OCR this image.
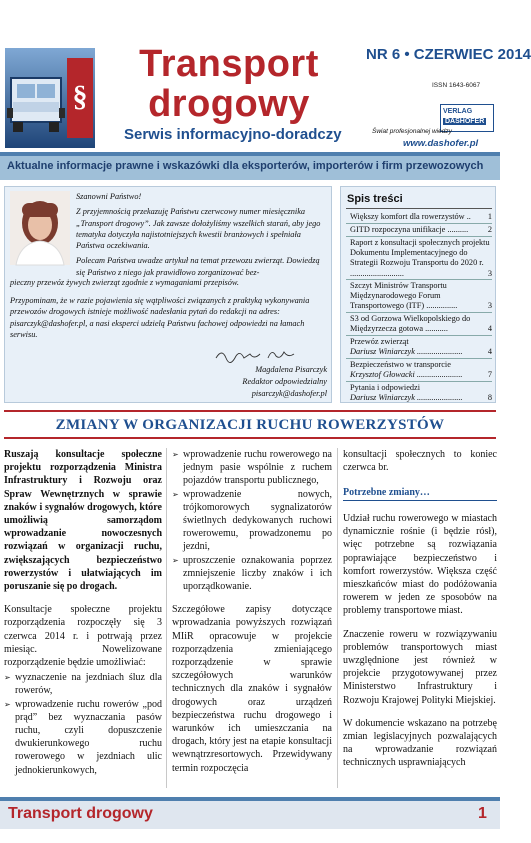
§
Transport
drogowy
Serwis informacyjno-doradczy
NR 6 • CZERWIEC 2014
ISSN 1643-6067
VERLAG
DASHOFER
Świat profesjonalnej wiedzy
www.dashofer.pl
Aktualne informacje prawne i wskazówki dla eksporterów, importerów i firm przewozowych

Szanowni Państwo!

Z przyjemnością przekazuję Państwu czerwcowy numer miesięcznika „Transport drogowy”. Jak zawsze dołożyliśmy wszelkich starań, aby jego tematyka dotyczyła najistotniejszych kwestii branżowych i spełniała Państwa oczekiwania.

Polecam Państwa uwadze artykuł na temat przewozu zwierząt. Dowiedzą się Państwo z niego jak prawidłowo zorganizować bez-

pieczny przewóz żywych zwierząt zgodnie z wymaganiami przepisów.
Przypominam, że w razie pojawienia się wątpliwości związanych z praktyką wykonywania przewozów drogowych istnieje możliwość nadesłania pytań do redakcji na adres: pisarczyk@dashofer.pl, a nasi eksperci udzielą Państwu fachowej odpowiedzi na łamach serwisu.
Magdalena Pisarczyk
Redaktor odpowiedzialny
pisarczyk@dashofer.pl
Spis treści
Większy komfort dla rowerzystów .. 1
GITD rozpoczyna unifikacje .......... 2
Raport z konsultacji społecznych projektu Dokumentu Implementacyjnego do Strategii Rozwoju Transportu do 2020 r. ..........................	3
Szczyt Ministrów Transportu Międzynarodowego Forum Transportowego (ITF) ...............	3
S3 od Gorzowa Wielkopolskiego do Międzyrzecza gotowa ...........	4
Przewóz zwierząt
Dariusz Winiarczyk ......................	4
Bezpieczeństwo w transporcie
Krzysztof Głowacki ......................	7
Pytania i odpowiedzi
Dariusz Winiarczyk ......................	8
ZMIANY W ORGANIZACJI RUCHU ROWERZYSTÓW

Ruszają konsultacje społeczne projektu rozporządzenia Ministra Infrastruktury i Rozwoju oraz Spraw Wewnętrznych w sprawie znaków i sygnałów drogowych, które umożliwią samorządom wprowadzanie nowoczesnych rozwiązań w organizacji ruchu, zwiększających bezpieczeństwo rowerzystów i ułatwiających im poruszanie się po drogach.

Konsultacje społeczne projektu rozporządzenia rozpoczęły się 3 czerwca 2014 r. i potrwają przez miesiąc. Nowelizowane rozporządzenie będzie umożliwiać:

➢ wyznaczenie na jezdniach śluz dla rowerów,
➢ wprowadzenie ruchu rowerów „pod prąd” bez wyznaczania pasów ruchu, czyli dopuszczenie dwukierunkowego ruchu rowerowego w jezdniach ulic jednokierunkowych,
➢ wprowadzenie ruchu rowerowego na jednym pasie wspólnie z ruchem pojazdów transportu publicznego,
➢ wprowadzenie nowych, trójkomorowych sygnalizatorów świetlnych dedykowanych ruchowi rowerowemu, prowadzonemu po jezdni,
➢ uproszczenie oznakowania poprzez zmniejszenie liczby znaków i ich uporządkowanie.

Szczegółowe zapisy dotyczące wprowadzania powyższych rozwiązań MIiR opracowuje w projekcie rozporządzenia zmieniającego rozporządzenie w sprawie szczegółowych warunków technicznych dla znaków i sygnałów drogowych oraz urządzeń bezpieczeństwa ruchu drogowego i warunków ich umieszczania na drogach, który jest na etapie konsultacji wewnątrzresortowych. Przewidywany termin rozpoczęcia

konsultacji społecznych to koniec czerwca br.

Potrzebne zmiany…

Udział ruchu rowerowego w miastach dynamicznie rośnie (i będzie rósł), więc potrzebne są rozwiązania poprawiające bezpieczeństwo i komfort rowerzystów. Większa część mieszkańców miast do podóżowania rowerem w jeden ze sposobów na problemy transportowe miast.

Znaczenie roweru w rozwiązywaniu problemów transportowych miast uwzględnione jest również w projekcie przygotowywanej przez Ministerstwo Infrastruktury i Rozwoju Krajowej Polityki Miejskiej.

W dokumencie wskazano na potrzebę zmian legislacyjnych pozwalających na wprowadzanie rozwiązań technicznych usprawniających

Transport drogowy	1
